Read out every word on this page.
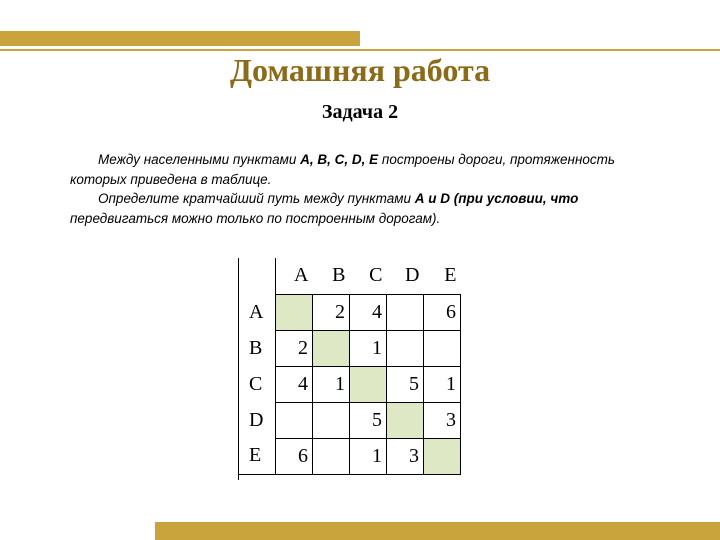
Домашняя работа
Задача 2

Между населенными пунктами А, В, С, D, Е построены дороги, протяженность которых приведена в таблице.

Определите кратчайший путь между пунктами А и D (при условии, что передвигаться можно только по построенным дорогам).

	A	B	C	D	E
A		2	4		6
B	2		1		
C	4	1		5	1
D			5		3
E	6		1	3	
